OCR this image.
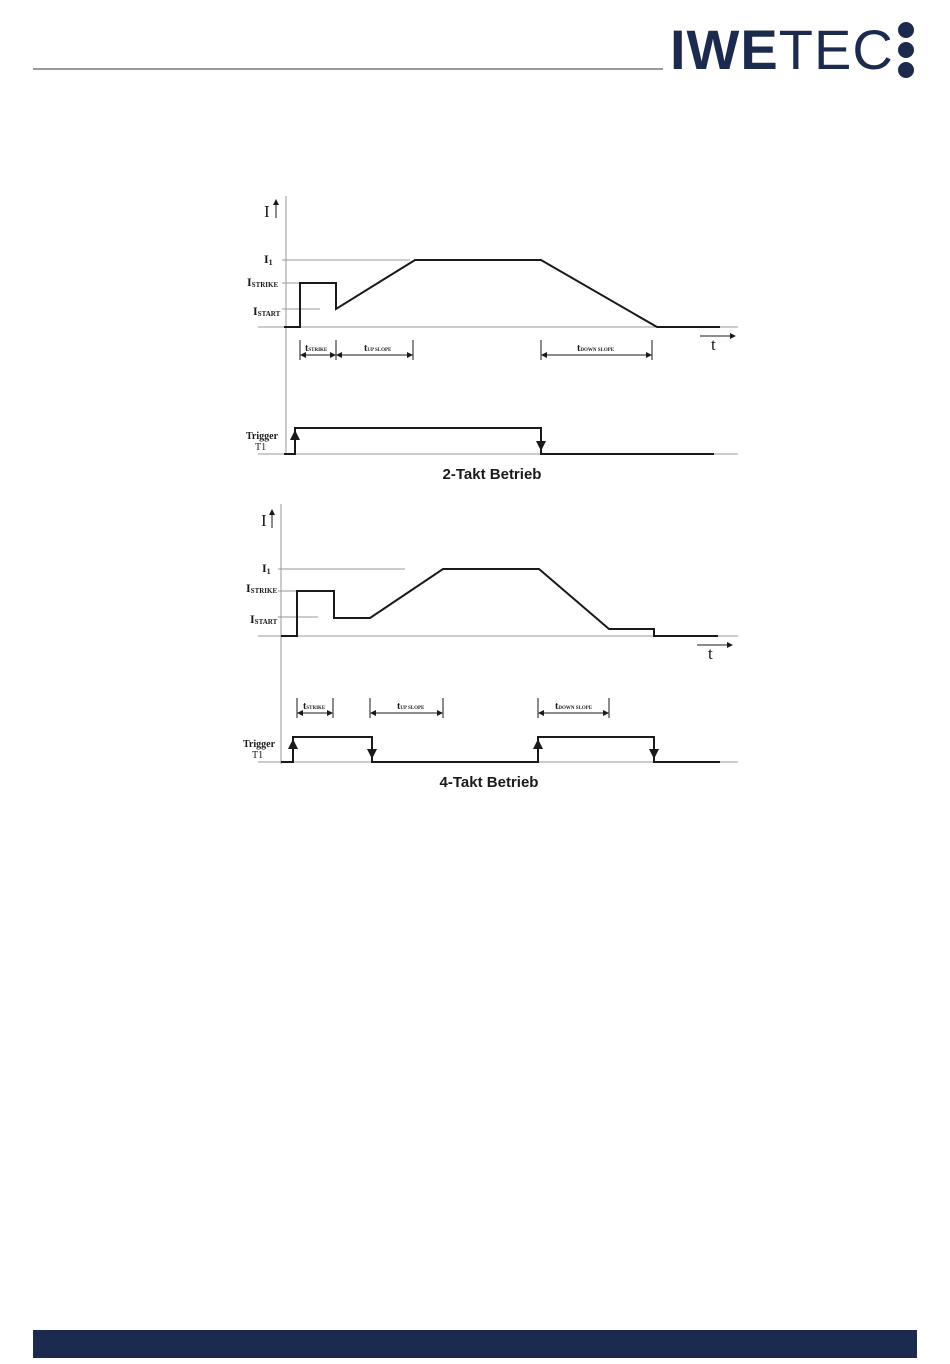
IWETEC
I
t
I1
ISTRIKE
ISTART
tSTRIKE	tUP SLOPE	tDOWN SLOPE
Trigger
T1
2-Takt Betrieb
I
t
I1
ISTRIKE
ISTART
tSTRIKE	tUP SLOPE	tDOWN SLOPE
Trigger
T1
4-Takt Betrieb
